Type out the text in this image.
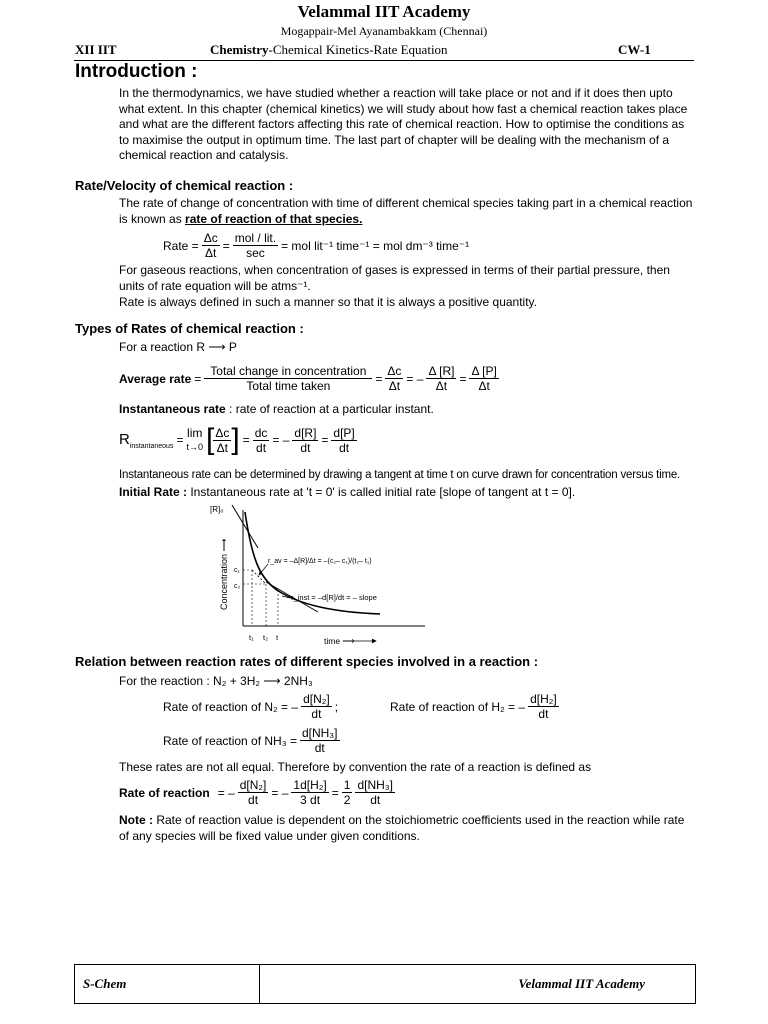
Velammal IIT Academy
Mogappair-Mel Ayanambakkam (Chennai)
XII IIT	Chemistry-Chemical Kinetics-Rate Equation	CW-1
Introduction :
In the thermodynamics, we have studied whether a reaction will take place or not and if it does then upto what extent. In this chapter (chemical kinetics) we will study about how fast a chemical reaction takes place and what are the different factors affecting this rate of chemical reaction. How to optimise the conditions as to maximise the output in optimum time. The last part of chapter will be dealing with the mechanism of a chemical reaction and catalysis.
Rate/Velocity of chemical reaction :
The rate of change of concentration with time of different chemical species taking part in a chemical reaction is known as rate of reaction of that species.
Rate = $\frac{\Delta c}{\Delta t} = \frac{\text{mol / lit.}}{\sec}$ = mol lit⁻¹ time⁻¹ = mol dm⁻³ time⁻¹
For gaseous reactions, when concentration of gases is expressed in terms of their partial pressure, then units of rate equation will be atms⁻¹.
Rate is always defined in such a manner so that it is always a positive quantity.
Types of Rates of chemical reaction :
For a reaction R ⟶ P
Average rate = $\frac{\text{Total change in concentration}}{\text{Total time taken}} = \frac{\Delta c}{\Delta t}$ = – $\frac{\Delta [R]}{\Delta t} = \frac{\Delta [P]}{\Delta t}$
Instantaneous rate : rate of reaction at a particular instant.
$R_{instantaneous} = \lim$
t→0 [ $\frac{\Delta c}{\Delta t}$ ] = $\frac{dc}{dt}$ = – $\frac{d[R]}{dt} = \frac{d[P]}{dt}$
Instantaneous rate can be determined by drawing a tangent at time t on curve drawn for concentration versus time.
Initial Rate : Instantaneous rate at 't = 0' is called initial rate [slope of tangent at t = 0].
[R]₀
Concentration ⟶ c₁
c₂
r_av = –Δ[R]/Δt = –(c₂– c₁)/(t₂– t₁)
r_inst = –d[R]/dt = – slope
t₁ t₂ t	time ⟶
Relation between reaction rates of different species involved in a reaction :
For the reaction : N₂ + 3H₂ ⟶ 2NH₃
Rate of reaction of N₂ = – $\frac{\text{d[N₂]}}{dt}$ ;	Rate of reaction of H₂ = – $\frac{\text{d[H₂]}}{dt}$
Rate of reaction of $NH_3 = \frac{\text{d[NH₃]}}{dt}$
These rates are not all equal. Therefore by convention the rate of a reaction is defined as
Rate of reaction = – $\frac{\text{d[N₂]}}{dt}$ = – $\frac{\text{1d[H₂]}}{3 dt} = \frac{1}{2} \frac{\text{d[NH₃]}}{dt}$
Note : Rate of reaction value is dependent on the stoichiometric coefficients used in the reaction while rate of any species will be fixed value under given conditions.
S-Chem	Velammal IIT Academy
